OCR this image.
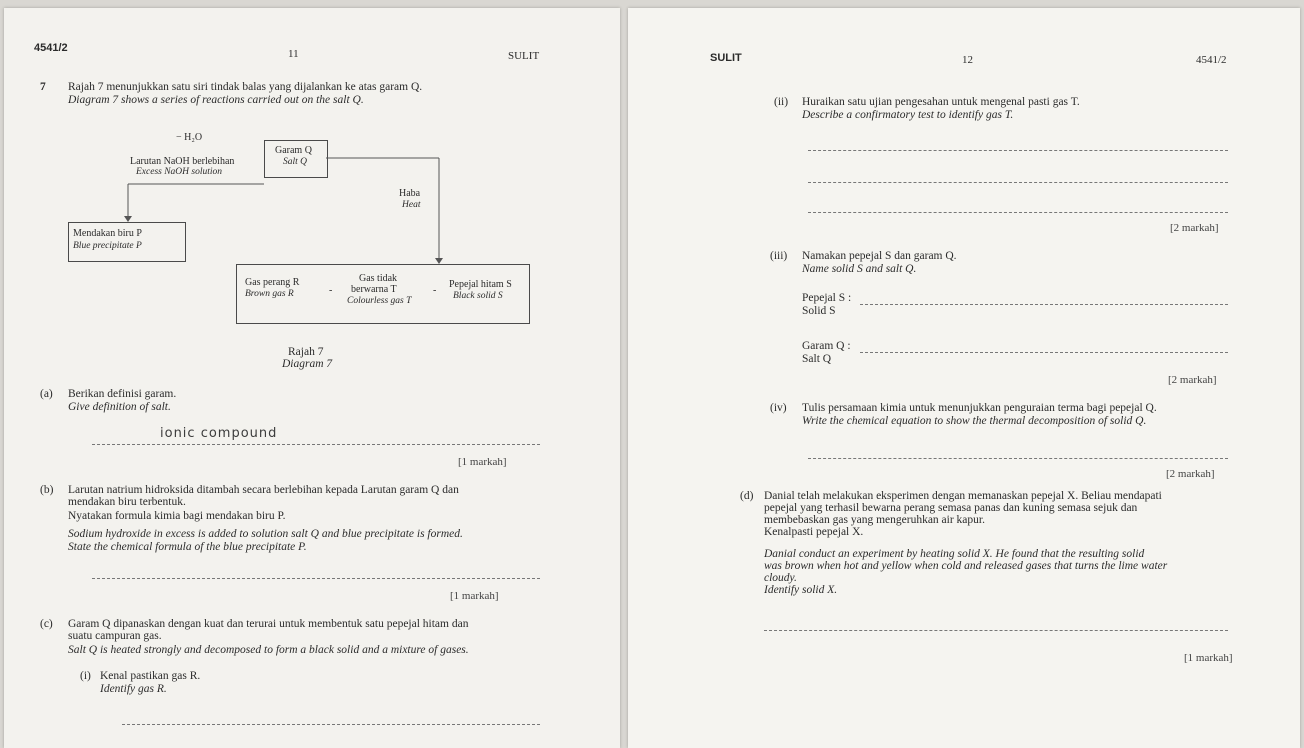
4541/2	11	SULIT
7 Rajah 7 menunjukkan satu siri tindak balas yang dijalankan ke atas garam Q.
Diagram 7 shows a series of reactions carried out on the salt Q.
− H₂O
Garam Q
Salt Q
Larutan NaOH berlebihan
Excess NaOH solution
Haba
Heat
Mendakan biru P
Blue precipitate P
Gas perang R
Brown gas R	-
Gas tidak
berwarna T
Colourless gas T
-
Pepejal hitam S
Black solid S
Rajah 7
Diagram 7
(a) Berikan definisi garam.
Give definition of salt.
ionic compound
[1 markah]
(b) Larutan natrium hidroksida ditambah secara berlebihan kepada Larutan garam Q dan
mendakan biru terbentuk.
Nyatakan formula kimia bagi mendakan biru P.
Sodium hydroxide in excess is added to solution salt Q and blue precipitate is formed.
State the chemical formula of the blue precipitate P.
[1 markah]
(c) Garam Q dipanaskan dengan kuat dan terurai untuk membentuk satu pepejal hitam dan
suatu campuran gas.
Salt Q is heated strongly and decomposed to form a black solid and a mixture of gases.
(i) Kenal pastikan gas R.
Identify gas R.
SULIT	12	4541/2
(ii) Huraikan satu ujian pengesahan untuk mengenal pasti gas T.
Describe a confirmatory test to identify gas T.
[2 markah]
(iii) Namakan pepejal S dan garam Q.
Name solid S and salt Q.
Pepejal S :
Solid S
Garam Q :
Salt Q
[2 markah]
(iv) Tulis persamaan kimia untuk menunjukkan penguraian terma bagi pepejal Q.
Write the chemical equation to show the thermal decomposition of solid Q.
[2 markah]
(d) Danial telah melakukan eksperimen dengan memanaskan pepejal X. Beliau mendapati
pepejal yang terhasil bewarna perang semasa panas dan kuning semasa sejuk dan
membebaskan gas yang mengeruhkan air kapur.
Kenalpasti pepejal X.
Danial conduct an experiment by heating solid X. He found that the resulting solid
was brown when hot and yellow when cold and released gases that turns the lime water
cloudy.
Identify solid X.
[1 markah]
